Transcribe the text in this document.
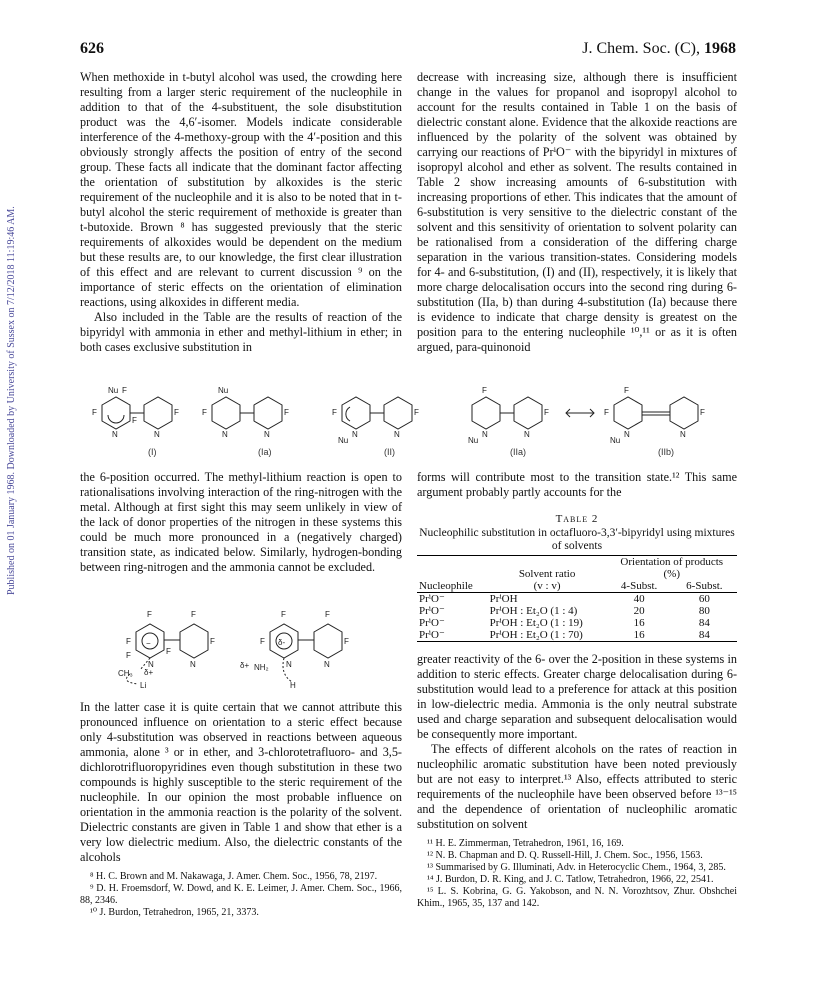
626	J. Chem. Soc. (C), 1968
Published on 01 January 1968. Downloaded by University of Sussex on 7/12/2018 11:19:46 AM.

When methoxide in t-butyl alcohol was used, the crowding here resulting from a larger steric requirement of the nucleophile in addition to that of the 4-substituent, the sole disubstitution product was the 4,6′-isomer. Models indicate considerable interference of the 4-methoxy-group with the 4′-position and this obviously strongly affects the position of entry of the second group. These facts all indicate that the dominant factor affecting the orientation of substitution by alkoxides is the steric requirement of the nucleophile and it is also to be noted that in t-butyl alcohol the steric requirement of methoxide is greater than t-butoxide. Brown ⁸ has suggested previously that the steric requirements of alkoxides would be dependent on the medium but these results are, to our knowledge, the first clear illustration of this effect and are relevant to current discussion ⁹ on the importance of steric effects on the orientation of elimination reactions, using alkoxides in different media.

Also included in the Table are the results of reaction of the bipyridyl with ammonia in ether and methyl-lithium in ether; in both cases exclusive substitution in

decrease with increasing size, although there is insufficient change in the values for propanol and isopropyl alcohol to account for the results contained in Table 1 on the basis of dielectric constant alone. Evidence that the alkoxide reactions are influenced by the polarity of the solvent was obtained by carrying our reactions of PrⁱO⁻ with the bipyridyl in mixtures of isopropyl alcohol and ether as solvent. The results contained in Table 2 show increasing amounts of 6-substitution with increasing proportions of ether. This indicates that the amount of 6-substitution is very sensitive to the dielectric constant of the solvent and this sensitivity of orientation to solvent polarity can be rationalised from a consideration of the differing charge separation in the various transition-states. Considering models for 4- and 6-substitution, (I) and (II), respectively, it is likely that more charge delocalisation occurs into the second ring during 6-substitution (IIa, b) than during 4-substitution (Ia) because there is evidence to indicate that charge density is greatest on the position para to the entering nucleophile ¹⁰,¹¹ or as it is often argued, para-quinonoid

Nu F
F
F
N
F
N
Nu
F
N	N
F	F
Nu
N	N
F
F
Nu
N	N
F
F
F
Nu
N	N
F
(I)	(Ia)	(II)	(IIa)	(IIb)

the 6-position occurred. The methyl-lithium reaction is open to rationalisations involving interaction of the ring-nitrogen with the metal. Although at first sight this may seem unlikely in view of the lack of donor properties of the nitrogen in these systems this could be much more pronounced in a (negatively charged) transition state, as indicated below. Similarly, hydrogen-bonding between ring-nitrogen and the ammonia cannot be excluded.

F
F
F
F
−
N
δ+
CH₃
Li
F
F
N
F
F δ-
N
δ+ NH₂
H
F
F
N

In the latter case it is quite certain that we cannot attribute this pronounced influence on orientation to a steric effect because only 4-substitution was observed in reactions between aqueous ammonia, alone ³ or in ether, and 3-chlorotetrafluoro- and 3,5-dichlorotrifluoropyridines even though substitution in these two compounds is highly susceptible to the steric requirement of the nucleophile. In our opinion the most probable influence on orientation in the ammonia reaction is the polarity of the solvent. Dielectric constants are given in Table 1 and show that ether is a very low dielectric medium. Also, the dielectric constants of the alcohols

⁸ H. C. Brown and M. Nakawaga, J. Amer. Chem. Soc., 1956, 78, 2197.

⁹ D. H. Froemsdorf, W. Dowd, and K. E. Leimer, J. Amer. Chem. Soc., 1966, 88, 2346.

¹⁰ J. Burdon, Tetrahedron, 1965, 21, 3373.

forms will contribute most to the transition state.¹² This same argument probably partly accounts for the

Table 2

Nucleophilic substitution in octafluoro-3,3′-bipyridyl using mixtures of solvents

		Orientation of products	
	Solvent ratio	(%)	
Nucleophile	(v : v)	4-Subst.	6-Subst.
PrⁱO⁻	PrⁱOH	40	60
PrⁱO⁻	PrⁱOH : Et₂O (1 : 4)	20	80
PrⁱO⁻	PrⁱOH : Et₂O (1 : 19)	16	84
PrⁱO⁻	PrⁱOH : Et₂O (1 : 70)	16	84

greater reactivity of the 6- over the 2-position in these systems in addition to steric effects. Greater charge delocalisation during 6-substitution would lead to a preference for attack at this position in low-dielectric media. Ammonia is the only neutral substrate used and charge separation and subsequent delocalisation would be consequently more important.

The effects of different alcohols on the rates of reaction in nucleophilic aromatic substitution have been noted previously but are not easy to interpret.¹³ Also, effects attributed to steric requirements of the nucleophile have been observed before ¹³⁻¹⁵ and the dependence of orientation of nucleophilic aromatic substitution on solvent

¹¹ H. E. Zimmerman, Tetrahedron, 1961, 16, 169.

¹² N. B. Chapman and D. Q. Russell-Hill, J. Chem. Soc., 1956, 1563.

¹³ Summarised by G. Illuminati, Adv. in Heterocyclic Chem., 1964, 3, 285.

¹⁴ J. Burdon, D. R. King, and J. C. Tatlow, Tetrahedron, 1966, 22, 2541.

¹⁵ L. S. Kobrina, G. G. Yakobson, and N. N. Vorozhtsov, Zhur. Obshchei Khim., 1965, 35, 137 and 142.
